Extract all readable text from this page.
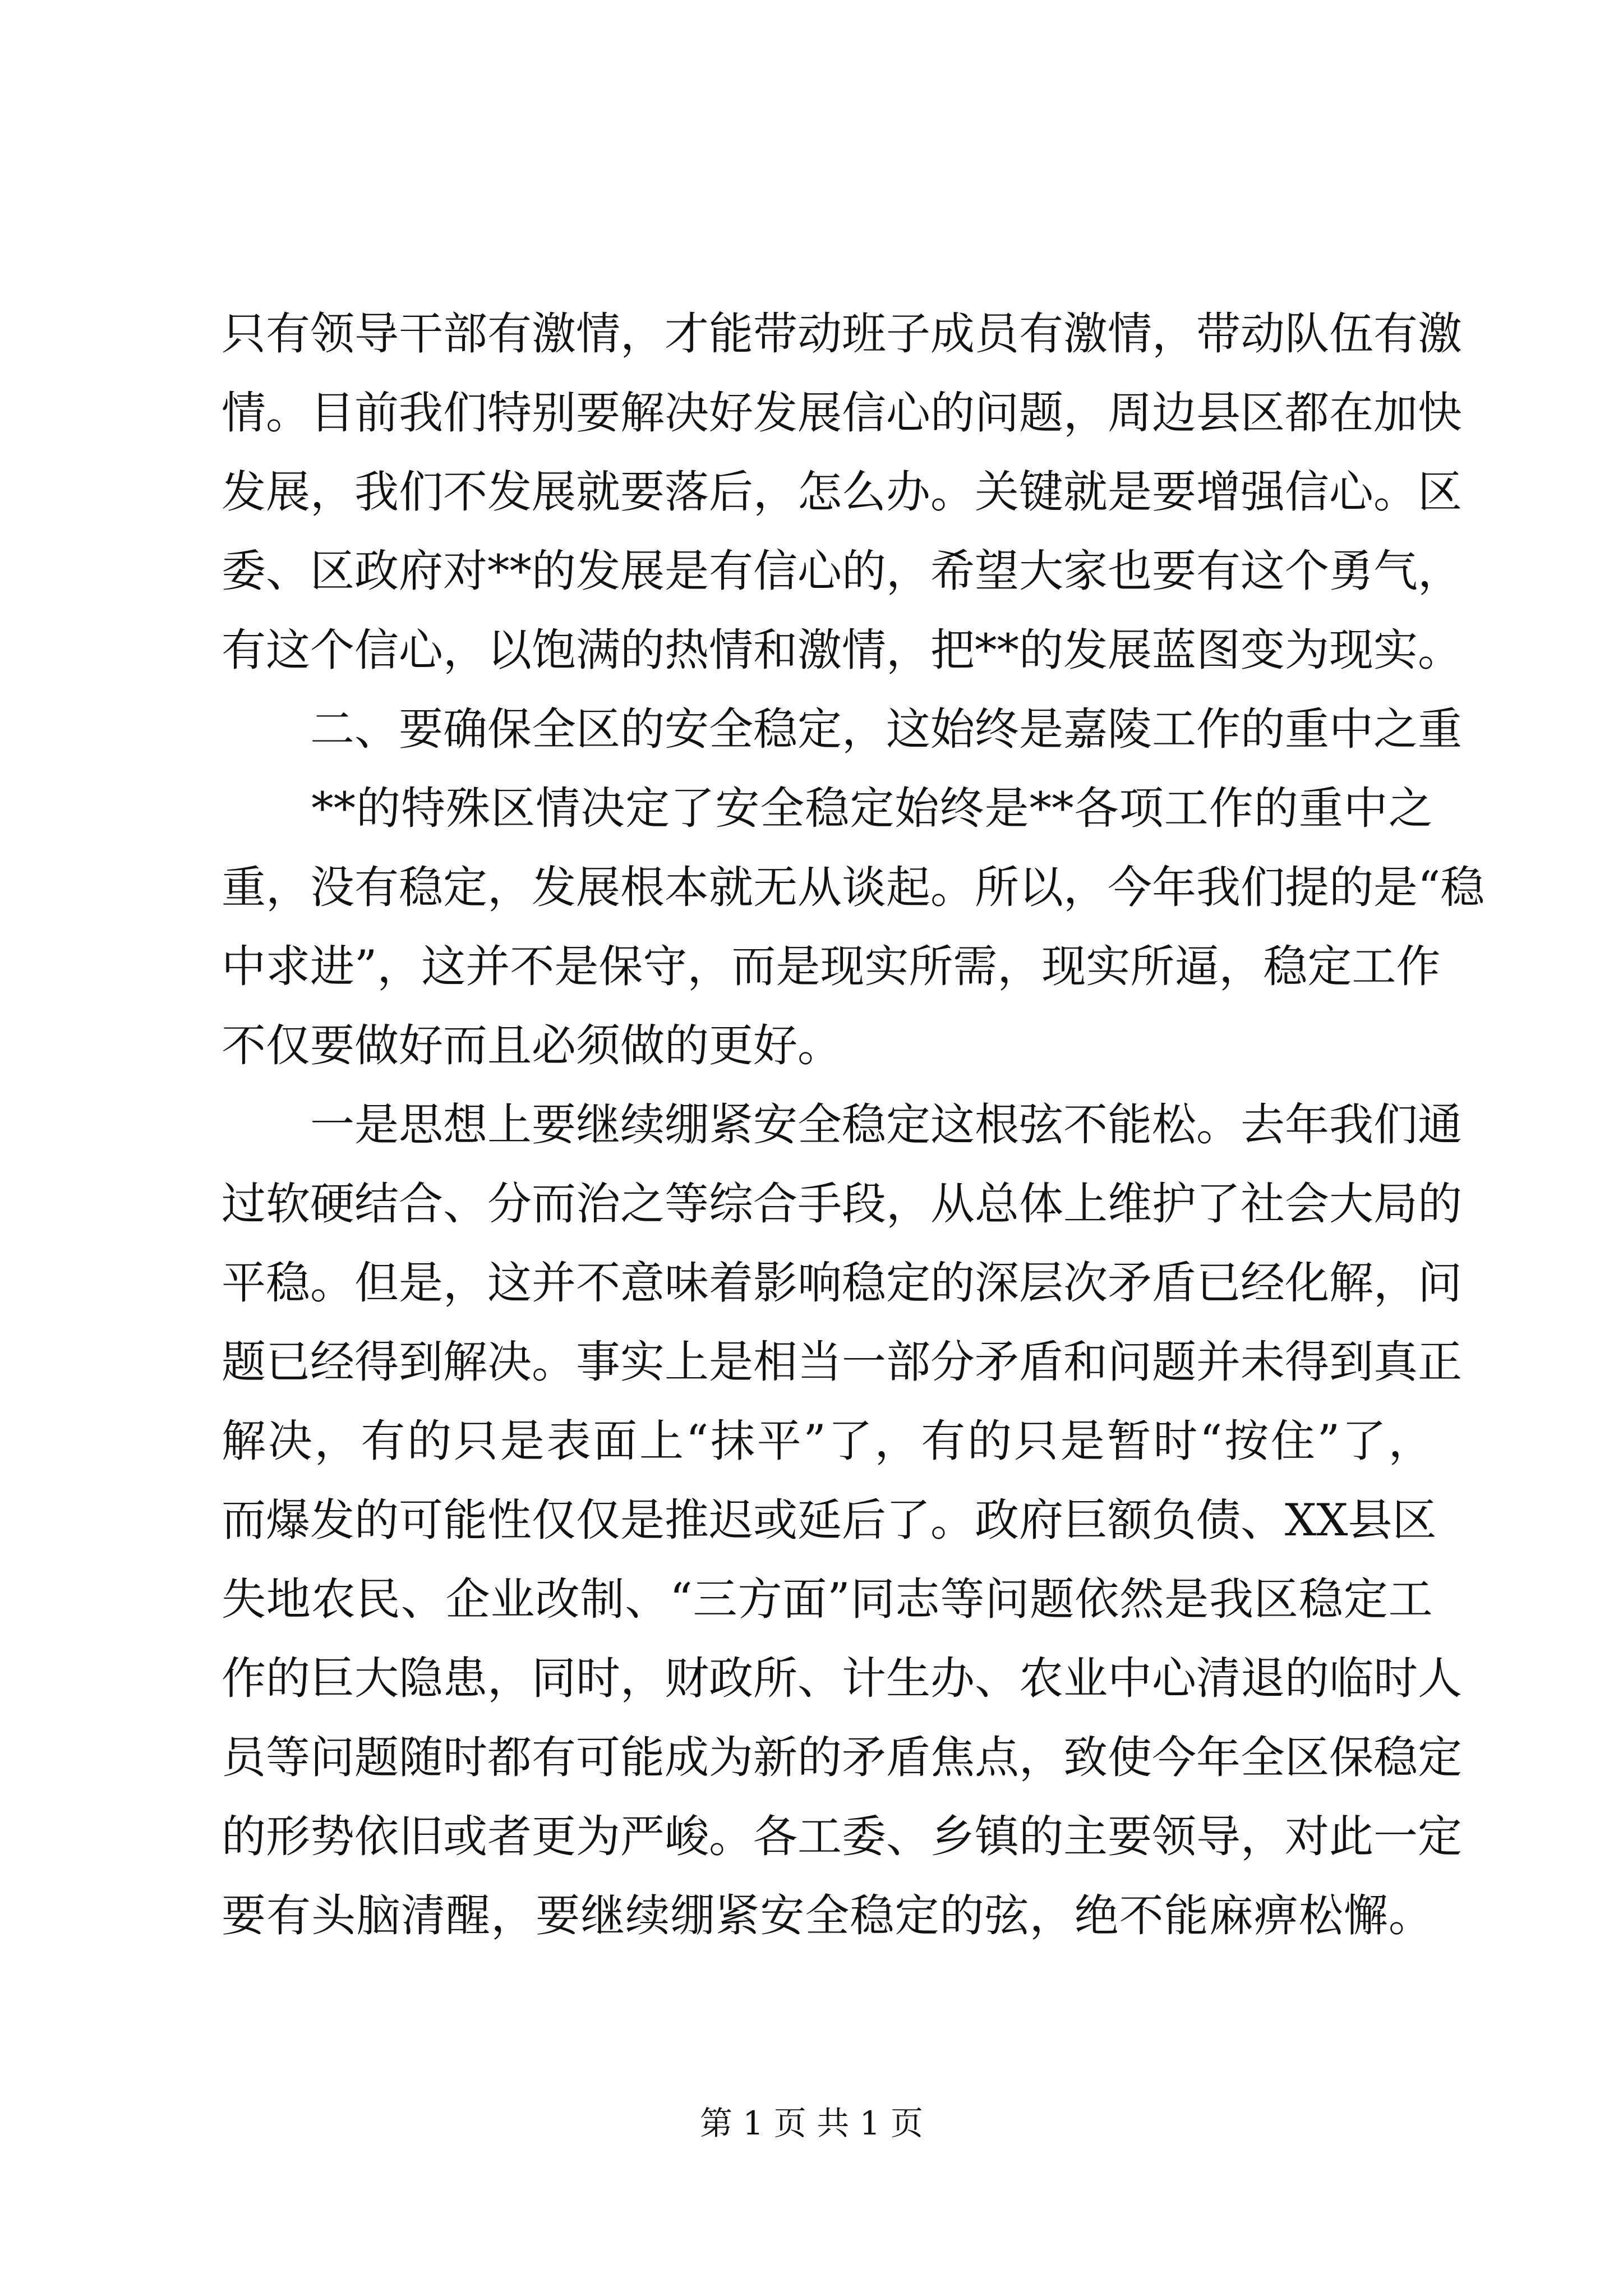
只 有 领 导 干 部 有 激 情 ， 才 能 带 动 班 子 成 员 有 激 情 ， 带 动 队 伍 有 激
情 。 目 前 我 们 特 别 要 解 决 好 发 展 信 心 的 问 题 ， 周 边 县 区 都 在 加 快
发 展 ， 我 们 不 发 展 就 要 落 后 ， 怎 么 办 。 关 键 就 是 要 增 强 信 心 。 区
委 、 区 政 府 对 ** 的 发 展 是 有 信 心 的 ， 希 望 大 家 也 要 有 这 个 勇 气 ，
有 这 个 信 心 ， 以 饱 满 的 热 情 和 激 情 ， 把 ** 的 发 展 蓝 图 变 为 现 实 。

二 、 要 确 保 全 区 的 安 全 稳 定 ， 这 始 终 是 嘉 陵 工 作 的 重 中 之 重

** 的 特 殊 区 情 决 定 了 安 全 稳 定 始 终 是 ** 各 项 工 作 的 重 中 之
重 ， 没 有 稳 定 ， 发 展 根 本 就 无 从 谈 起 。 所 以 ， 今 年 我 们 提 的 是 “ 稳
中 求 进 ” ， 这 并 不 是 保 守 ， 而 是 现 实 所 需 ， 现 实 所 逼 ， 稳 定 工 作
不仅要做好而且必须做的更好。

一 是 思 想 上 要 继 续 绷 紧 安 全 稳 定 这 根 弦 不 能 松 。 去 年 我 们 通
过 软 硬 结 合 、 分 而 治 之 等 综 合 手 段 ， 从 总 体 上 维 护 了 社 会 大 局 的
平 稳 。 但 是 ， 这 并 不 意 味 着 影 响 稳 定 的 深 层 次 矛 盾 已 经 化 解 ， 问
题 已 经 得 到 解 决 。 事 实 上 是 相 当 一 部 分 矛 盾 和 问 题 并 未 得 到 真 正
解 决 ， 有 的 只 是 表 面 上 “ 抹 平 ” 了 ， 有 的 只 是 暂 时 “ 按 住 ” 了 ，
而 爆 发 的 可 能 性 仅 仅 是 推 迟 或 延 后 了 。 政 府 巨 额 负 债 、 XX 县 区
失 地 农 民 、 企 业 改 制 、 “ 三 方 面 ” 同 志 等 问 题 依 然 是 我 区 稳 定 工
作 的 巨 大 隐 患 ， 同 时 ， 财 政 所 、 计 生 办 、 农 业 中 心 清 退 的 临 时 人
员 等 问 题 随 时 都 有 可 能 成 为 新 的 矛 盾 焦 点 ， 致 使 今 年 全 区 保 稳 定
的 形 势 依 旧 或 者 更 为 严 峻 。 各 工 委 、 乡 镇 的 主 要 领 导 ， 对 此 一 定
要 有 头 脑 清 醒 ， 要 继 续 绷 紧 安 全 稳 定 的 弦 ， 绝 不 能 麻 痹 松 懈 。
第 1 页 共 1 页
